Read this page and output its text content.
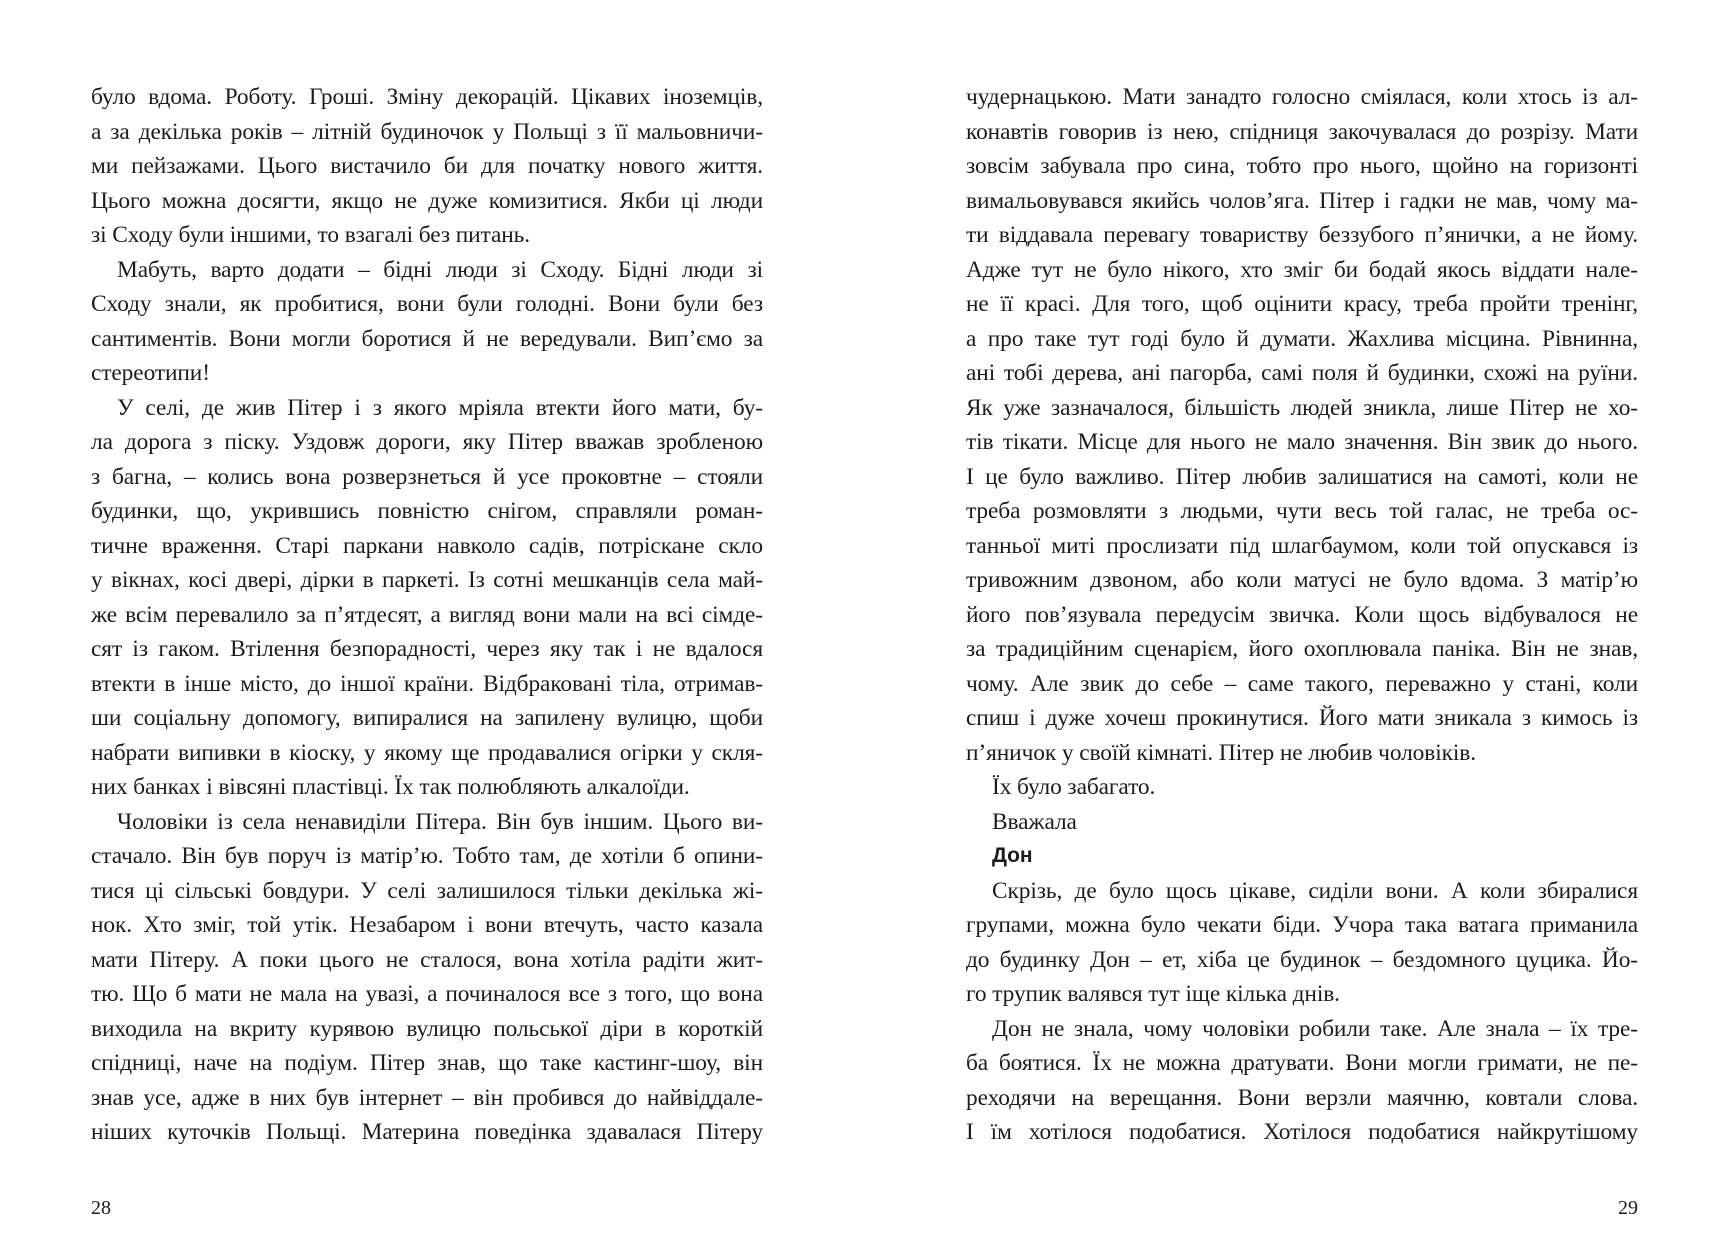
було вдома. Роботу. Гроші. Зміну декорацій. Цікавих іноземців,
а за декілька років – літній будиночок у Польщі з її мальовничи-
ми пейзажами. Цього вистачило би для початку нового життя.
Цього можна досягти, якщо не дуже комизитися. Якби ці люди
зі Сходу були іншими, то взагалі без питань.
Мабуть, варто додати – бідні люди зі Сходу. Бідні люди зі
Сходу знали, як пробитися, вони були голодні. Вони були без
сантиментів. Вони могли боротися й не вередували. Вип’ємо за
стереотипи!
У селі, де жив Пітер і з якого мріяла втекти його мати, бу-
ла дорога з піску. Уздовж дороги, яку Пітер вважав зробленою
з багна, – колись вона розверзнеться й усе проковтне – стояли
будинки, що, укрившись повністю снігом, справляли роман-
тичне враження. Старі паркани навколо садів, потріскане скло
у вікнах, косі двері, дірки в паркеті. Із сотні мешканців села май-
же всім перевалило за п’ятдесят, а вигляд вони мали на всі сімде-
сят із гаком. Втілення безпорадності, через яку так і не вдалося
втекти в інше місто, до іншої країни. Відбраковані тіла, отримав-
ши соціальну допомогу, випиралися на запилену вулицю, щоби
набрати випивки в кіоску, у якому ще продавалися огірки у скля-
них банках і вівсяні пластівці. Їх так полюбляють алкалоїди.
Чоловіки із села ненавиділи Пітера. Він був іншим. Цього ви-
стачало. Він був поруч із матір’ю. Тобто там, де хотіли б опини-
тися ці сільські бовдури. У селі залишилося тільки декілька жі-
нок. Хто зміг, той утік. Незабаром і вони втечуть, часто казала
мати Пітеру. А поки цього не сталося, вона хотіла радіти жит-
тю. Що б мати не мала на увазі, а починалося все з того, що вона
виходила на вкриту курявою вулицю польської діри в короткій
спідниці, наче на подіум. Пітер знав, що таке кастинг-шоу, він
знав усе, адже в них був інтернет – він пробився до найвіддале-
ніших куточків Польщі. Материна поведінка здавалася Пітеру
28
чудернацькою. Мати занадто голосно сміялася, коли хтось із ал-
конавтів говорив із нею, спідниця закочувалася до розрізу. Мати
зовсім забувала про сина, тобто про нього, щойно на горизонті
вимальовувався якийсь чолов’яга. Пітер і гадки не мав, чому ма-
ти віддавала перевагу товариству беззубого п’янички, а не йому.
Адже тут не було нікого, хто зміг би бодай якось віддати нале-
не її красі. Для того, щоб оцінити красу, треба пройти тренінг,
а про таке тут годі було й думати. Жахлива місцина. Рівнинна,
ані тобі дерева, ані пагорба, самі поля й будинки, схожі на руїни.
Як уже зазначалося, більшість людей зникла, лише Пітер не хо-
тів тікати. Місце для нього не мало значення. Він звик до нього.
І це було важливо. Пітер любив залишатися на самоті, коли не
треба розмовляти з людьми, чути весь той галас, не треба ос-
танньої миті прослизати під шлагбаумом, коли той опускався із
тривожним дзвоном, або коли матусі не було вдома. З матір’ю
його пов’язувала передусім звичка. Коли щось відбувалося не
за традиційним сценарієм, його охоплювала паніка. Він не знав,
чому. Але звик до себе – саме такого, переважно у стані, коли
спиш і дуже хочеш прокинутися. Його мати зникала з кимось із
п’яничок у своїй кімнаті. Пітер не любив чоловіків.
Їх було забагато.
Вважала
Дон
Скрізь, де було щось цікаве, сиділи вони. А коли збиралися
групами, можна було чекати біди. Учора така ватага приманила
до будинку Дон – ет, хіба це будинок – бездомного цуцика. Йо-
го трупик валявся тут іще кілька днів.
Дон не знала, чому чоловіки робили таке. Але знала – їх тре-
ба боятися. Їх не можна дратувати. Вони могли гримати, не пе-
реходячи на верещання. Вони верзли маячню, ковтали слова.
І їм хотілося подобатися. Хотілося подобатися найкрутішому
29
